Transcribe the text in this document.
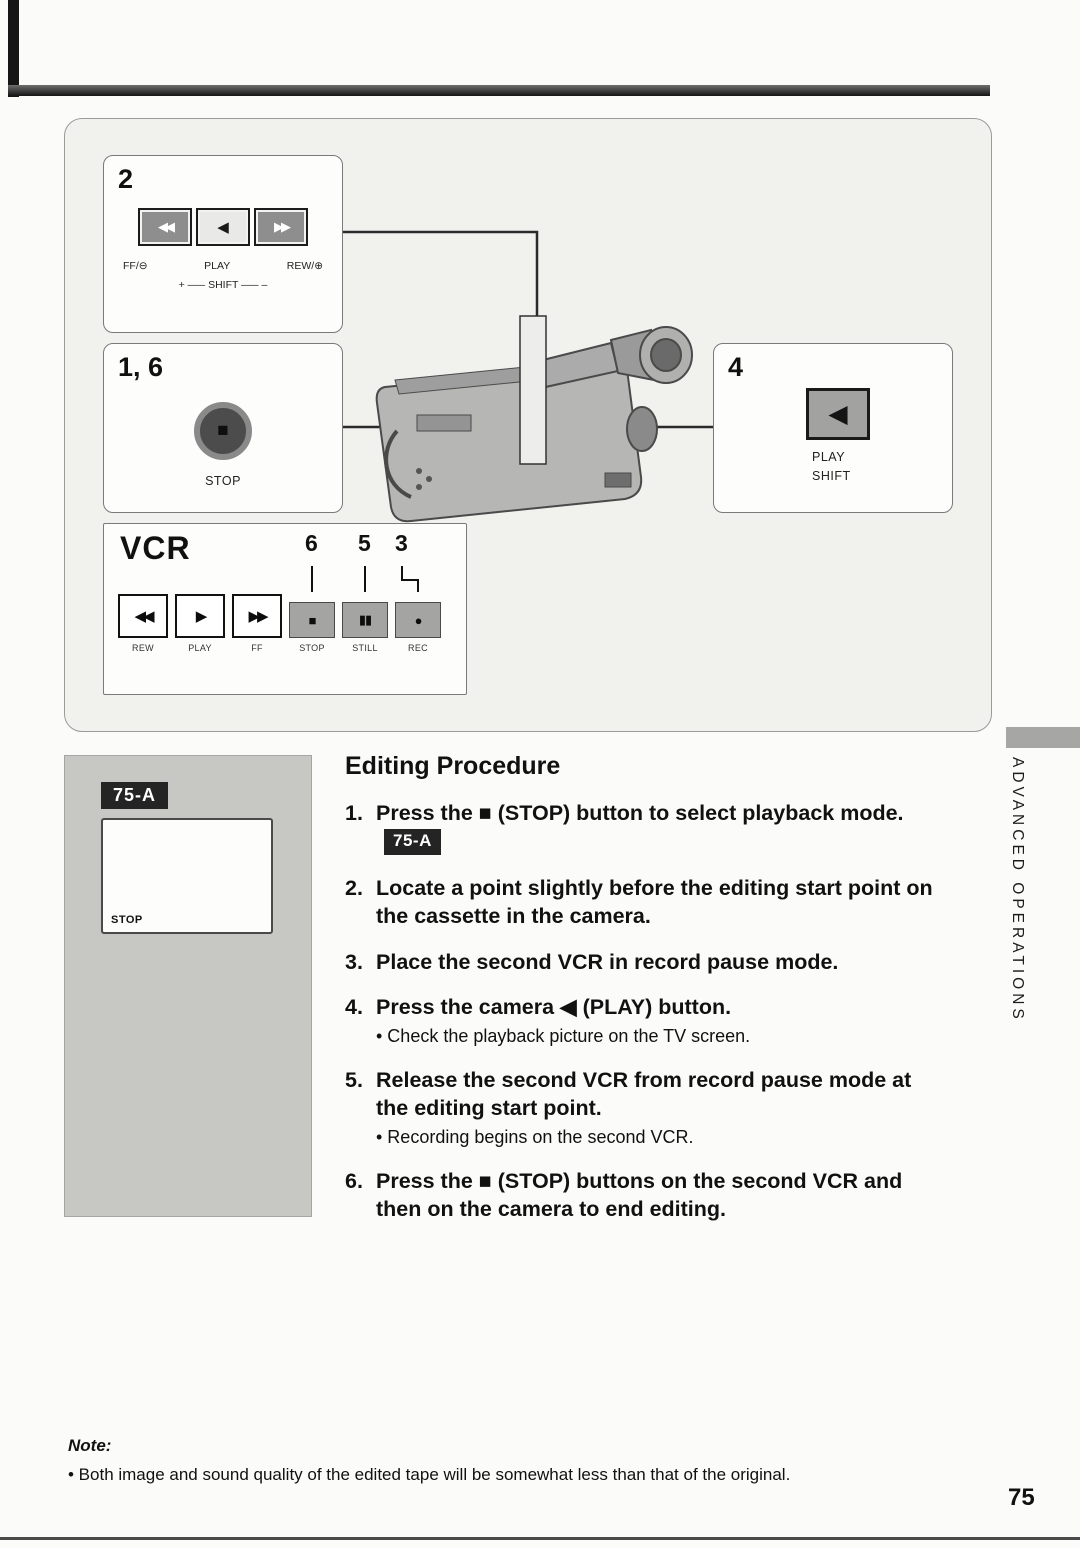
2
◀◀	◀	▶▶
FF/⊖	PLAY	REW/⊕
+ ––– SHIFT ––– –
1, 6
■
STOP
4
◀
PLAY
SHIFT
VCR	6 5 3
◀◀
REW
▶
PLAY
▶▶
FF
■
STOP
▮▮
STILL
●
REC
75-A
STOP
Editing Procedure
1. Press the ■ (STOP) button to select playback mode. 75-A
2. Locate a point slightly before the editing start point on the cassette in the camera.
3. Place the second VCR in record pause mode.
4. Press the camera ◀ (PLAY) button.
• Check the playback picture on the TV screen.
5. Release the second VCR from record pause mode at the editing start point.
• Recording begins on the second VCR.
6. Press the ■ (STOP) buttons on the second VCR and then on the camera to end editing.
ADVANCED OPERATIONS
Note:
• Both image and sound quality of the edited tape will be somewhat less than that of the original.
75
